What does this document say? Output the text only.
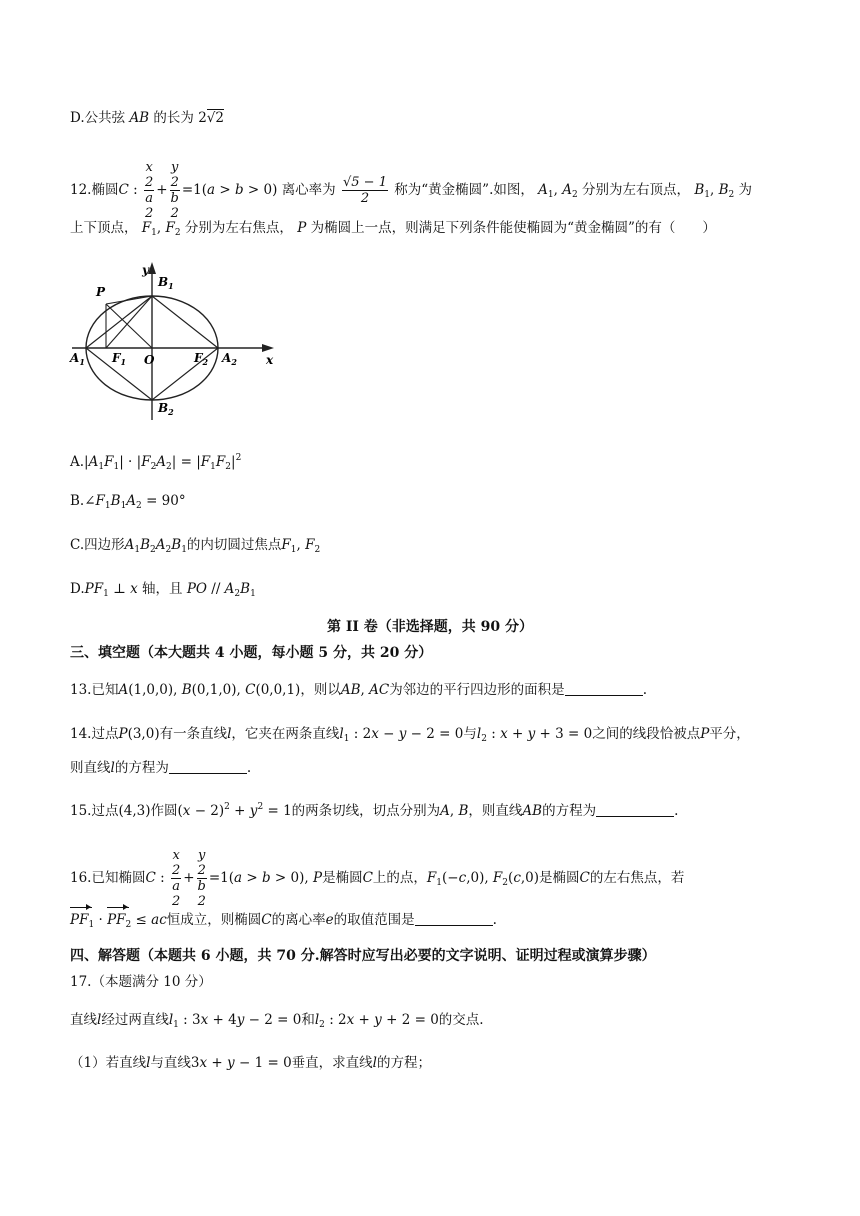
D.公共弦 AB 的长为 2√2
12.椭圆C : x
2
a
2 + y
2
b
2 =1(a > b > 0) 离心率为 $\frac{√5 - 1}{2}$ 称为“黄金椭圆”.如图， $A_1$, $A_2$ 分别为左右顶点， $B_1$, $B_2$ 为
上下顶点， $F_1$, $F_2$ 分别为左右焦点， P 为椭圆上一点，则满足下列条件能使椭圆为“黄金椭圆”的有（　　）
y
$B_1$
$B_2$
P
$A_1$	$A_2$
$F_1$	$F_2$
O	x
$A.|A_1F_1| \cdot |F_2A_2| = |F_1F_2|^2$
$B.\angle F_1B_1A_2 = 90^\circ$
C.四边形$A_1B_2A_2B_1$的内切圆过焦点$F_1$, $F_2$
$D.PF_1$ ⊥ x 轴，且 PO // $A_2B_1$
第 II 卷（非选择题，共 90 分）
三、填空题（本大题共 4 小题，每小题 5 分，共 20 分）
13.已知A(1,0,0), B(0,1,0), C(0,0,1)，则以AB, AC为邻边的平行四边形的面积是	.
14.过点P(3,0)有一条直线l，它夹在两条直线$l_1$ : 2x − y − 2 = 0与$l_2$ : x + y + 3 = 0之间的线段恰被点P平分，
则直线l的方程为	.
15.过点(4,3)作圆$(x - 2)^2 + y^2 = 1$的两条切线，切点分别为A, B，则直线AB的方程为	.
16.已知椭圆C : x
2
a
2 + y
2
b
2 =1(a > b > 0), P是椭圆C上的点，$F_1(-c,0)$, $F_2(c,0)$是椭圆C的左右焦点，若
$PF_1 \cdot PF_2$ ≤ ac恒成立，则椭圆C的离心率e的取值范围是	.
四、解答题（本题共 6 小题，共 70 分.解答时应写出必要的文字说明、证明过程或演算步骤）
17.（本题满分 10 分）
直线l经过两直线$l_1$ : 3x + 4y − 2 = 0和$l_2$ : 2x + y + 2 = 0的交点.
（1）若直线l与直线3x + y − 1 = 0垂直，求直线l的方程；
